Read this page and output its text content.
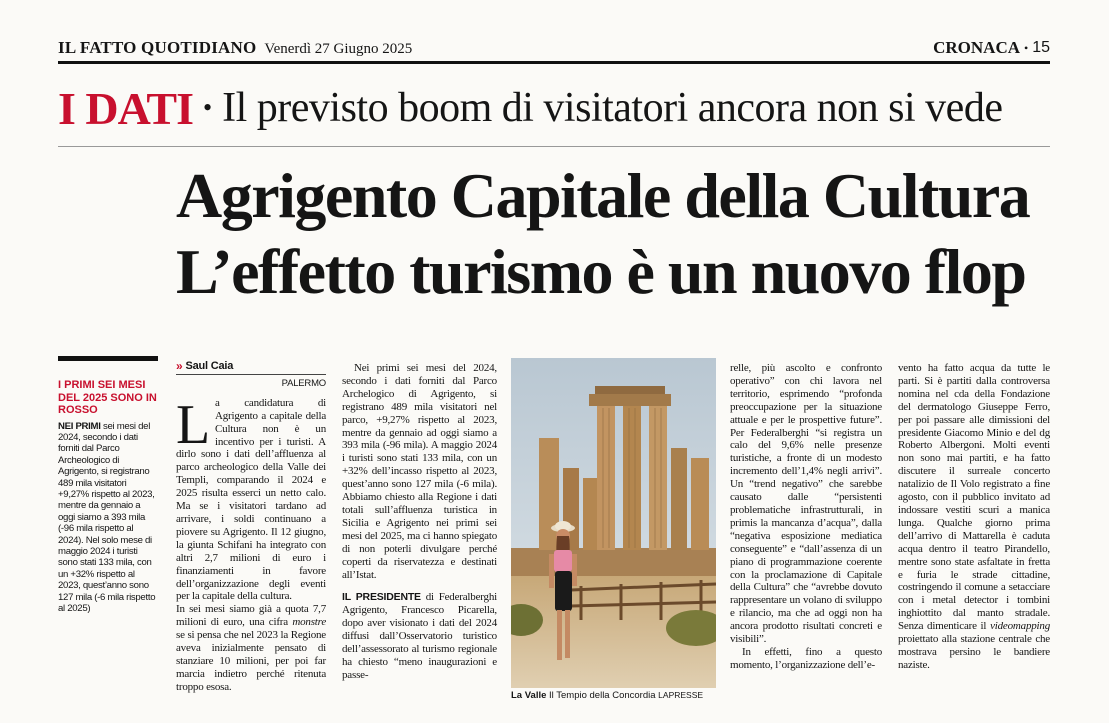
IL FATTO QUOTIDIANO Venerdì 27 Giugno 2025	CRONACA • 15
I DATI • Il previsto boom di visitatori ancora non si vede
Agrigento Capitale della Cultura
L’effetto turismo è un nuovo flop
I PRIMI SEI MESI DEL 2025 SONO IN ROSSO

NEI PRIMI sei mesi del 2024, secondo i dati forniti dal Parco Archeologico di Agrigento, si registrano 489 mila visitatori +9,27% rispetto al 2023, mentre da gennaio a oggi siamo a 393 mila (-96 mila rispetto al 2024). Nel solo mese di maggio 2024 i turisti sono stati 133 mila, con un +32% rispetto al 2023, quest’anno sono 127 mila (-6 mila rispetto al 2025)

» Saul Caia
PALERMO

La candidatura di Agrigento a capitale della Cultura non è un incentivo per i turisti. A dirlo sono i dati dell’affluenza al parco archeologico della Valle dei Templi, comparando il 2024 e 2025 risulta esserci un netto calo. Ma se i visitatori tardano ad arrivare, i soldi continuano a piovere su Agrigento. Il 12 giugno, la giunta Schifani ha integrato con altri 2,7 milioni di euro i finanziamenti in favore dell’organizzazione degli eventi per la capitale della cultura.

In sei mesi siamo già a quota 7,7 milioni di euro, una cifra monstre se si pensa che nel 2023 la Regione aveva inizialmente pensato di stanziare 10 milioni, per poi far marcia indietro perché ritenuta troppo esosa.

Nei primi sei mesi del 2024, secondo i dati forniti dal Parco Archelogico di Agrigento, si registrano 489 mila visitatori nel parco, +9,27% rispetto al 2023, mentre da gennaio ad oggi siamo a 393 mila (-96 mila). A maggio 2024 i turisti sono stati 133 mila, con un +32% dell’incasso rispetto al 2023, quest’anno sono 127 mila (-6 mila). Abbiamo chiesto alla Regione i dati totali sull’affluenza turistica in Sicilia e Agrigento nei primi sei mesi del 2025, ma ci hanno spiegato di non poterli divulgare perché coperti da riservatezza e destinati all’Istat.

IL PRESIDENTE di Federalberghi Agrigento, Francesco Picarella, dopo aver visionato i dati del 2024 diffusi dall’Osservatorio turistico dell’assessorato al turismo regionale ha chiesto “meno inaugurazioni e passe-

La Valle Il Tempio della Concordia LAPRESSE

relle, più ascolto e confronto operativo” con chi lavora nel territorio, esprimendo “profonda preoccupazione per la situazione attuale e per le prospettive future”. Per Federalberghi “si registra un calo del 9,6% nelle presenze turistiche, a fronte di un modesto incremento dell’1,4% negli arrivi”. Un “trend negativo” che sarebbe causato dalle “persistenti problematiche infrastrutturali, in primis la mancanza d’acqua”, dalla “negativa esposizione mediatica conseguente” e “dall’assenza di un piano di programmazione coerente con la proclamazione di Capitale della Cultura” che “avrebbe dovuto rappresentare un volano di sviluppo e rilancio, ma che ad oggi non ha ancora prodotto risultati concreti e visibili”.

In effetti, fino a questo momento, l’organizzazione dell’e-

vento ha fatto acqua da tutte le parti. Si è partiti dalla controversa nomina nel cda della Fondazione del dermatologo Giuseppe Ferro, per poi passare alle dimissioni del presidente Giacomo Minio e del dg Roberto Albergoni. Molti eventi non sono mai partiti, e ha fatto discutere il surreale concerto natalizio de Il Volo registrato a fine agosto, con il pubblico invitato ad indossare vestiti scuri a manica lunga. Qualche giorno prima dell’arrivo di Mattarella è caduta acqua dentro il teatro Pirandello, mentre sono state asfaltate in fretta e furia le strade cittadine, costringendo il comune a setacciare con i metal detector i tombini inghiottito dal manto stradale. Senza dimenticare il videomapping proiettato alla stazione centrale che mostrava persino le bandiere naziste.
